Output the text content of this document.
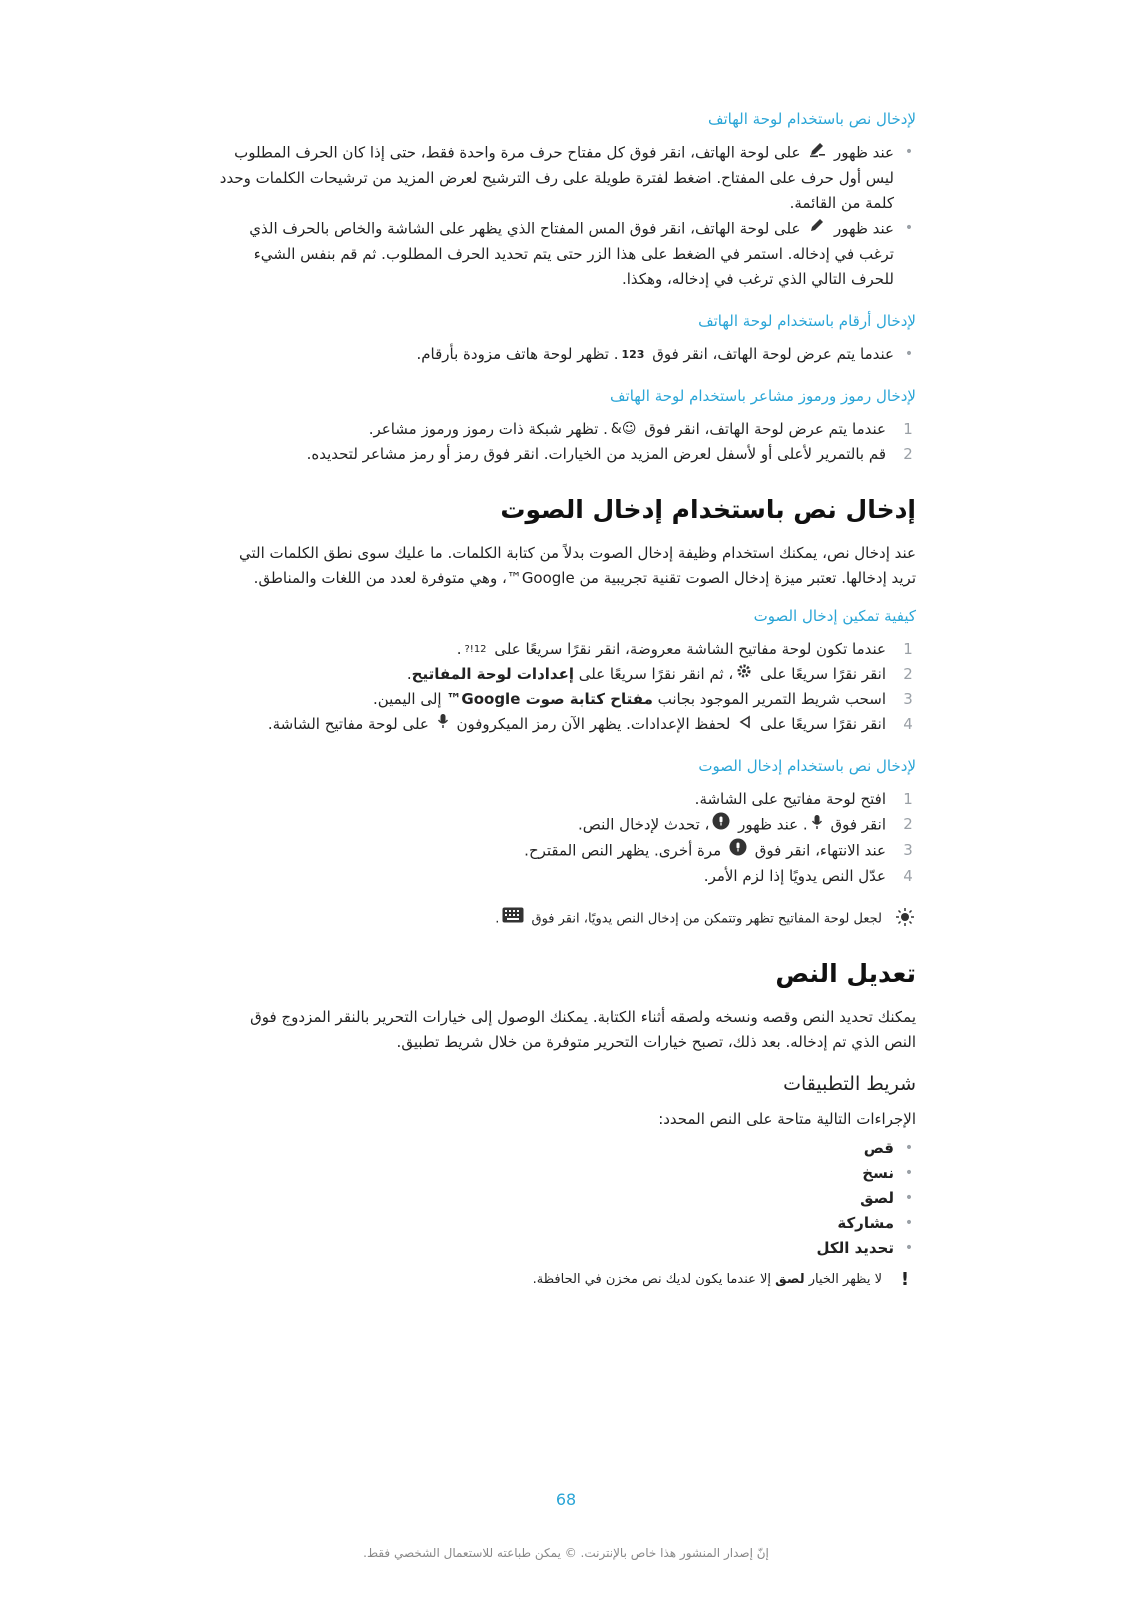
لإدخال نص باستخدام لوحة الهاتف
•
عند ظهور  على لوحة الهاتف، انقر فوق كل مفتاح حرف مرة واحدة فقط، حتى إذا كان الحرف المطلوب ليس أول حرف على المفتاح. اضغط لفترة طويلة على رف الترشيح لعرض المزيد من ترشيحات الكلمات وحدد كلمة من القائمة.
•
عند ظهور  على لوحة الهاتف، انقر فوق المس المفتاح الذي يظهر على الشاشة والخاص بالحرف الذي ترغب في إدخاله. استمر في الضغط على هذا الزر حتى يتم تحديد الحرف المطلوب. ثم قم بنفس الشيء للحرف التالي الذي ترغب في إدخاله، وهكذا.
لإدخال أرقام باستخدام لوحة الهاتف
•
عندما يتم عرض لوحة الهاتف، انقر فوق 123. تظهر لوحة هاتف مزودة بأرقام.
لإدخال رموز ورموز مشاعر باستخدام لوحة الهاتف
1
عندما يتم عرض لوحة الهاتف، انقر فوق ☺&. تظهر شبكة ذات رموز ورموز مشاعر.
2
قم بالتمرير لأعلى أو لأسفل لعرض المزيد من الخيارات. انقر فوق رمز أو رمز مشاعر لتحديده.
إدخال نص باستخدام إدخال الصوت

عند إدخال نص، يمكنك استخدام وظيفة إدخال الصوت بدلاً من كتابة الكلمات. ما عليك سوى نطق الكلمات التي تريد إدخالها. تعتبر ميزة إدخال الصوت تقنية تجريبية من Google™، وهي متوفرة لعدد من اللغات والمناطق.

كيفية تمكين إدخال الصوت
1
عندما تكون لوحة مفاتيح الشاشة معروضة، انقر نقرًا سريعًا على 12!?.
2
انقر نقرًا سريعًا على ، ثم انقر نقرًا سريعًا على إعدادات لوحة المفاتيح.
3
اسحب شريط التمرير الموجود بجانب مفتاح كتابة صوت Google™ إلى اليمين.
4
انقر نقرًا سريعًا على  لحفظ الإعدادات. يظهر الآن رمز الميكروفون  على لوحة مفاتيح الشاشة.
لإدخال نص باستخدام إدخال الصوت
1
افتح لوحة مفاتيح على الشاشة.
2
انقر فوق . عند ظهور ، تحدث لإدخال النص.
3
عند الانتهاء، انقر فوق  مرة أخرى. يظهر النص المقترح.
4
عدّل النص يدويًا إذا لزم الأمر.
لجعل لوحة المفاتيح تظهر وتتمكن من إدخال النص يدويًا، انقر فوق .
تعديل النص

يمكنك تحديد النص وقصه ونسخه ولصقه أثناء الكتابة. يمكنك الوصول إلى خيارات التحرير بالنقر المزدوج فوق النص الذي تم إدخاله. بعد ذلك، تصبح خيارات التحرير متوفرة من خلال شريط تطبيق.

شريط التطبيقات

الإجراءات التالية متاحة على النص المحدد:

•
قص
•
نسخ
•
لصق
•
مشاركة
•
تحديد الكل
!
لا يظهر الخيار لصق إلا عندما يكون لديك نص مخزن في الحافظة.
68
إنّ إصدار المنشور هذا خاص بالإنترنت. © يمكن طباعته للاستعمال الشخصي فقط.
